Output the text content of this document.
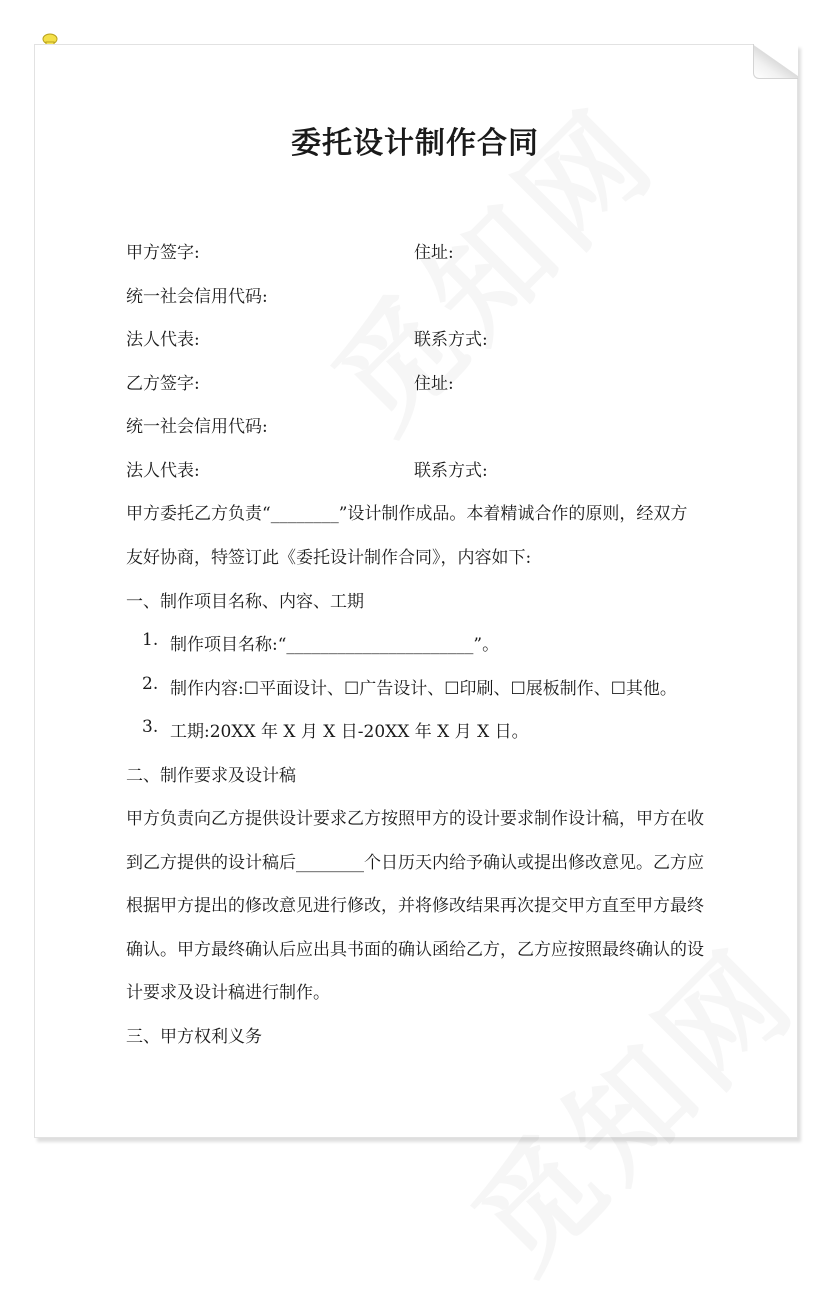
委托设计制作合同
甲方签字:	住址:
统一社会信用代码:
法人代表:	联系方式:
乙方签字:	住址:
统一社会信用代码:
法人代表:	联系方式:
甲方委托乙方负责“________”设计制作成品。本着精诚合作的原则，经双方
友好协商，特签订此《委托设计制作合同》，内容如下:
一、制作项目名称、内容、工期
1. 制作项目名称:“______________________”。
2. 制作内容:☐平面设计、☐广告设计、☐印刷、☐展板制作、☐其他。
3. 工期:20XX 年 X 月 X 日-20XX 年 X 月 X 日。
二、制作要求及设计稿
甲方负责向乙方提供设计要求乙方按照甲方的设计要求制作设计稿，甲方在收
到乙方提供的设计稿后________个日历天内给予确认或提出修改意见。乙方应
根据甲方提出的修改意见进行修改，并将修改结果再次提交甲方直至甲方最终
确认。甲方最终确认后应出具书面的确认函给乙方，乙方应按照最终确认的设
计要求及设计稿进行制作。
三、甲方权利义务
